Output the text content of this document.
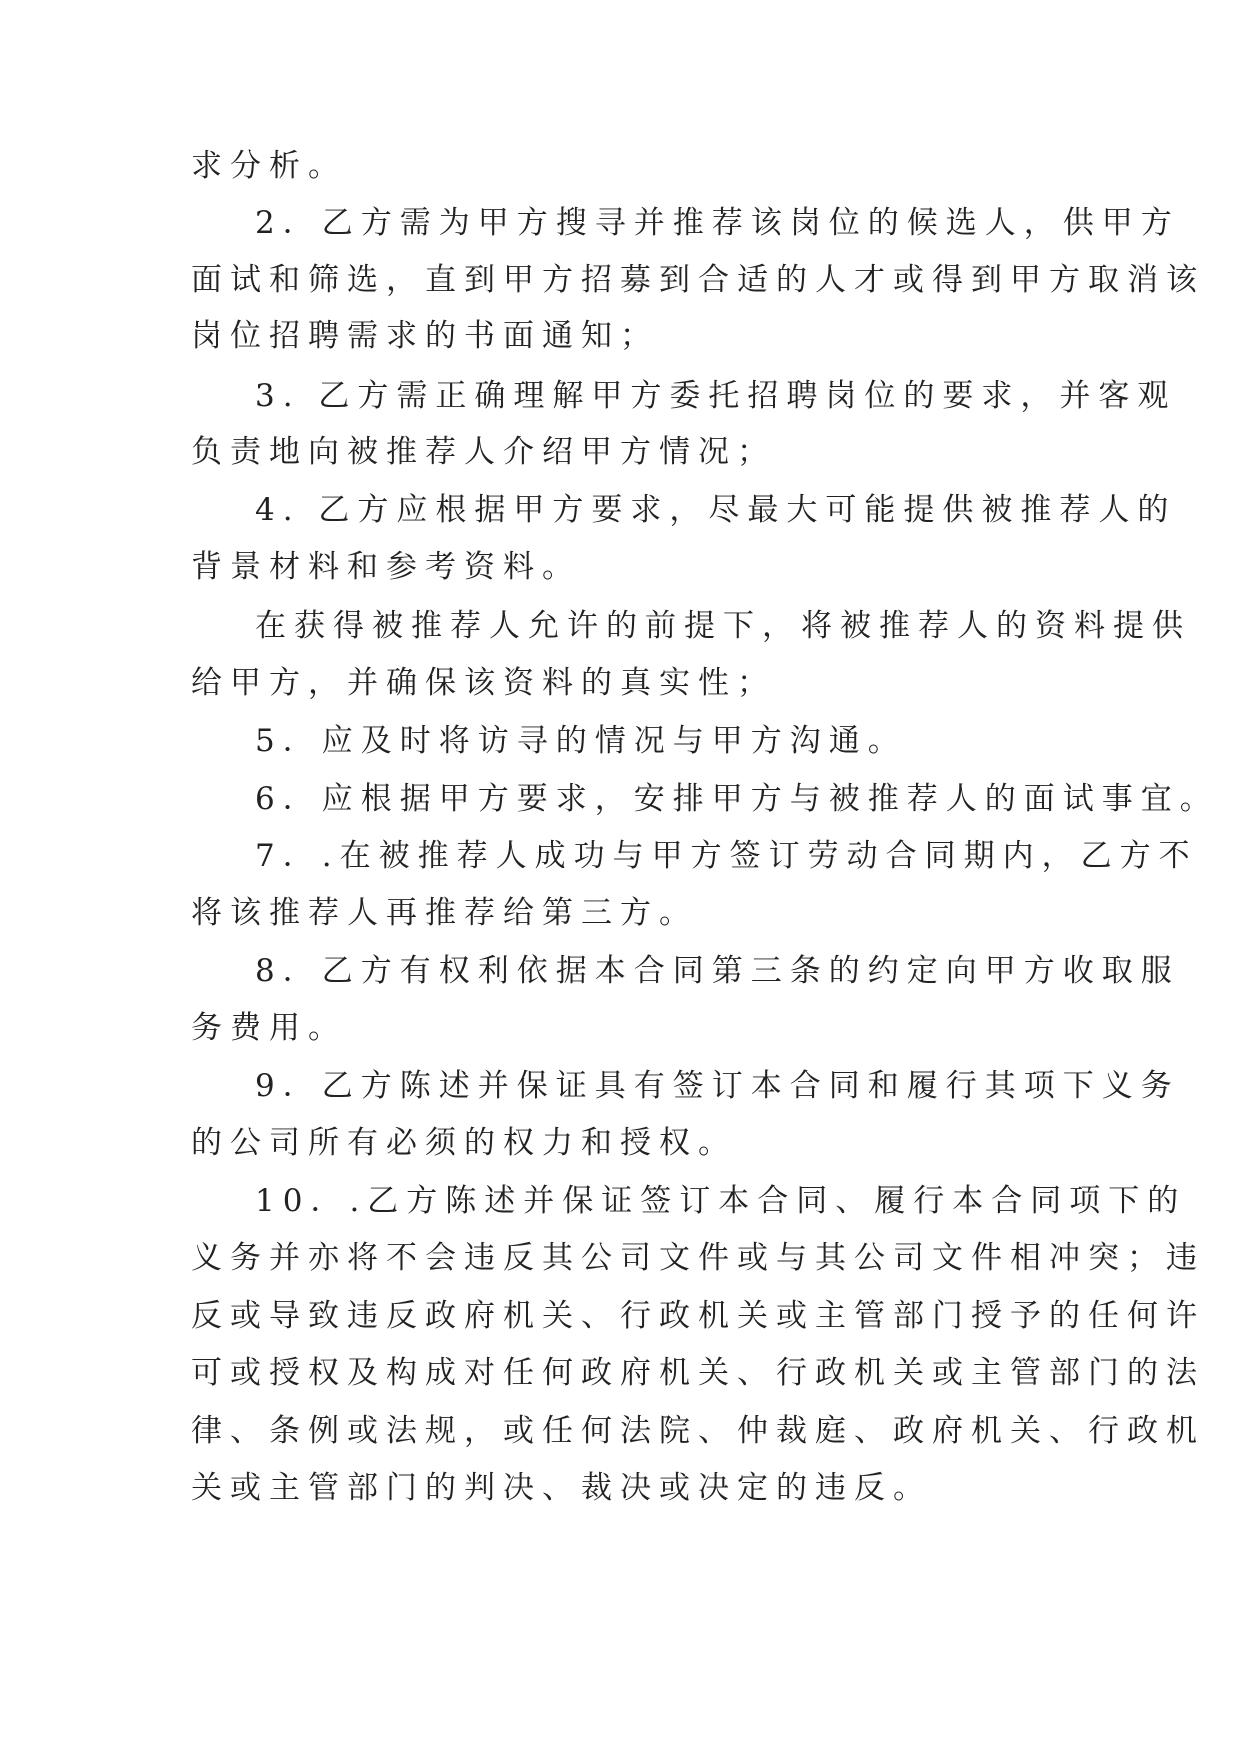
求分析。
2．乙方需为甲方搜寻并推荐该岗位的候选人，供甲方
面试和筛选，直到甲方招募到合适的人才或得到甲方取消该
岗位招聘需求的书面通知；
3. 乙方需正确理解甲方委托招聘岗位的要求，并客观
负责地向被推荐人介绍甲方情况；
4. 乙方应根据甲方要求，尽最大可能提供被推荐人的
背景材料和参考资料。
在获得被推荐人允许的前提下，将被推荐人的资料提供
给甲方，并确保该资料的真实性；
5．应及时将访寻的情况与甲方沟通。
6．应根据甲方要求，安排甲方与被推荐人的面试事宜。
7．.在被推荐人成功与甲方签订劳动合同期内，乙方不
将该推荐人再推荐给第三方。
8．乙方有权利依据本合同第三条的约定向甲方收取服
务费用。
9．乙方陈述并保证具有签订本合同和履行其项下义务
的公司所有必须的权力和授权。
10．.乙方陈述并保证签订本合同、履行本合同项下的
义务并亦将不会违反其公司文件或与其公司文件相冲突；违
反或导致违反政府机关、行政机关或主管部门授予的任何许
可或授权及构成对任何政府机关、行政机关或主管部门的法
律、条例或法规，或任何法院、仲裁庭、政府机关、行政机
关或主管部门的判决、裁决或决定的违反。
